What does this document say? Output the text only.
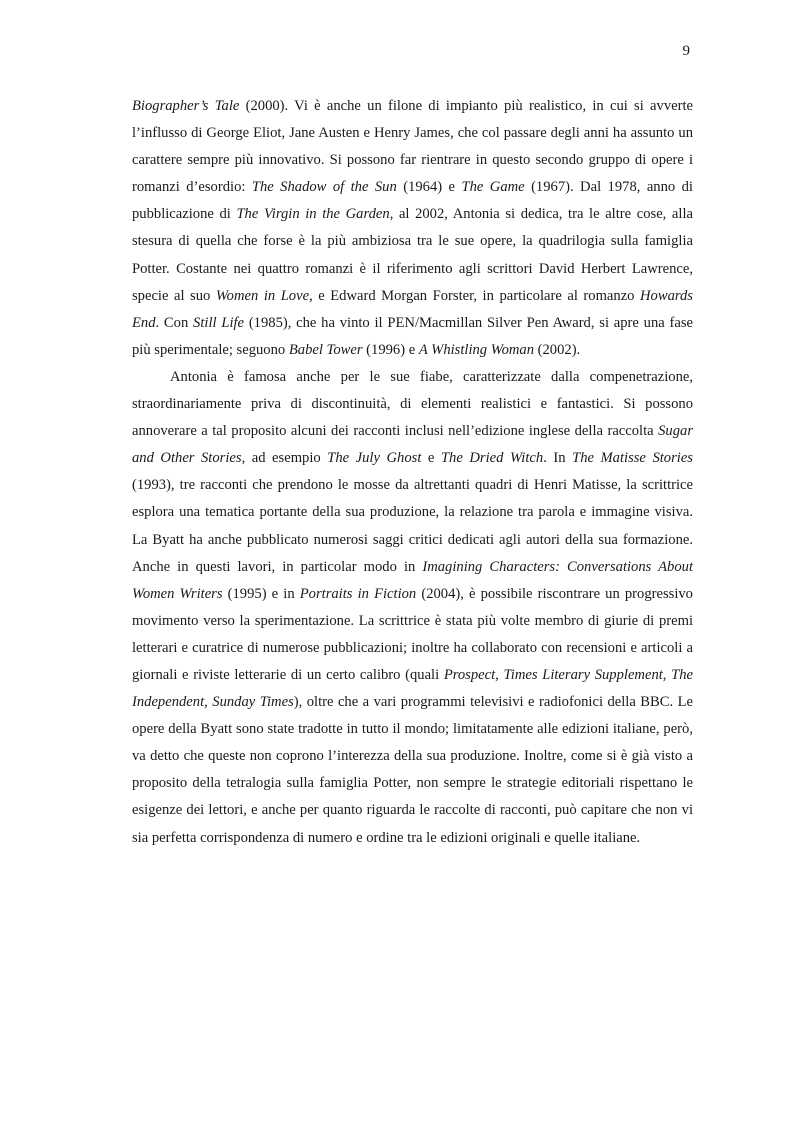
9

Biographer’s Tale (2000). Vi è anche un filone di impianto più realistico, in cui si avverte l’influsso di George Eliot, Jane Austen e Henry James, che col passare degli anni ha assunto un carattere sempre più innovativo. Si possono far rientrare in questo secondo gruppo di opere i romanzi d’esordio: The Shadow of the Sun (1964) e The Game (1967). Dal 1978, anno di pubblicazione di The Virgin in the Garden, al 2002, Antonia si dedica, tra le altre cose, alla stesura di quella che forse è la più ambiziosa tra le sue opere, la quadrilogia sulla famiglia Potter. Costante nei quattro romanzi è il riferimento agli scrittori David Herbert Lawrence, specie al suo Women in Love, e Edward Morgan Forster, in particolare al romanzo Howards End. Con Still Life (1985), che ha vinto il PEN/Macmillan Silver Pen Award, si apre una fase più sperimentale; seguono Babel Tower (1996) e A Whistling Woman (2002).

Antonia è famosa anche per le sue fiabe, caratterizzate dalla compenetrazione, straordinariamente priva di discontinuità, di elementi realistici e fantastici. Si possono annoverare a tal proposito alcuni dei racconti inclusi nell’edizione inglese della raccolta Sugar and Other Stories, ad esempio The July Ghost e The Dried Witch. In The Matisse Stories (1993), tre racconti che prendono le mosse da altrettanti quadri di Henri Matisse, la scrittrice esplora una tematica portante della sua produzione, la relazione tra parola e immagine visiva. La Byatt ha anche pubblicato numerosi saggi critici dedicati agli autori della sua formazione. Anche in questi lavori, in particolar modo in Imagining Characters: Conversations About Women Writers (1995) e in Portraits in Fiction (2004), è possibile riscontrare un progressivo movimento verso la sperimentazione. La scrittrice è stata più volte membro di giurie di premi letterari e curatrice di numerose pubblicazioni; inoltre ha collaborato con recensioni e articoli a giornali e riviste letterarie di un certo calibro (quali Prospect, Times Literary Supplement, The Independent, Sunday Times), oltre che a vari programmi televisivi e radiofonici della BBC. Le opere della Byatt sono state tradotte in tutto il mondo; limitatamente alle edizioni italiane, però, va detto che queste non coprono l’interezza della sua produzione. Inoltre, come si è già visto a proposito della tetralogia sulla famiglia Potter, non sempre le strategie editoriali rispettano le esigenze dei lettori, e anche per quanto riguarda le raccolte di racconti, può capitare che non vi sia perfetta corrispondenza di numero e ordine tra le edizioni originali e quelle italiane.
